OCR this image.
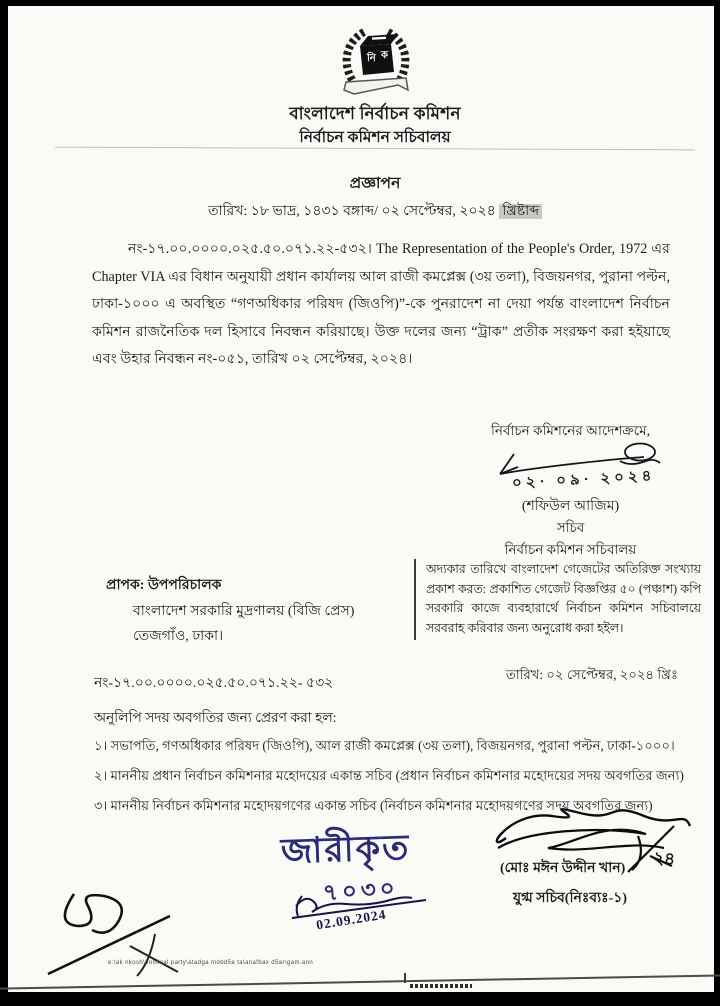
নি ক
বাংলাদেশ নির্বাচন কমিশন
নির্বাচন কমিশন সচিবালয়
প্রজ্ঞাপন
তারিখ: ১৮ ভাদ্র, ১৪৩১ বঙ্গাব্দ/ ০২ সেপ্টেম্বর, ২০২৪ খ্রিষ্টাব্দ
নং-১৭.০০.০০০০.০২৫.৫০.০৭১.২২-৫৩২। The Representation of the People's Order, 1972 এর Chapter VIA এর বিধান অনুযায়ী প্রধান কার্যালয় আল রাজী কমপ্লেক্স (৩য় তলা), বিজয়নগর, পুরানা পল্টন, ঢাকা-১০০০ এ অবস্থিত “গণঅধিকার পরিষদ (জিওপি)”-কে পুনরাদেশ না দেয়া পর্যন্ত বাংলাদেশ নির্বাচন কমিশন রাজনৈতিক দল হিসাবে নিবন্ধন করিয়াছে। উক্ত দলের জন্য “ট্রাক” প্রতীক সংরক্ষণ করা হইয়াছে এবং উহার নিবন্ধন নং-০৫১, তারিখ ০২ সেপ্টেম্বর, ২০২৪।
নির্বাচন কমিশনের আদেশক্রমে,
০২· ০৯· ২০২৪
(শফিউল আজিম)
সচিব
নির্বাচন কমিশন সচিবালয়
প্রাপক: উপপরিচালক
বাংলাদেশ সরকারি মুদ্রণালয় (বিজি প্রেস)
তেজগাঁও, ঢাকা।
অদ্যকার তারিখে বাংলাদেশ গেজেটের অতিরিক্ত সংখ্যায় প্রকাশ করত: প্রকাশিত গেজেট বিজ্ঞপ্তির ৫০ (পঞ্চাশ) কপি সরকারি কাজে ব্যবহারার্থে নির্বাচন কমিশন সচিবালয়ে সরবরাহ করিবার জন্য অনুরোধ করা হইল।
নং-১৭.০০.০০০০.০২৫.৫০.০৭১.২২- ৫৩২
তারিখ: ০২ সেপ্টেম্বর, ২০২৪ খ্রিঃ
অনুলিপি সদয় অবগতির জন্য প্রেরণ করা হল:
১। সভাপতি, গণঅধিকার পরিষদ (জিওপি), আল রাজী কমপ্লেক্স (৩য় তলা), বিজয়নগর, পুরানা পল্টন, ঢাকা-১০০০।
২। মাননীয় প্রধান নির্বাচন কমিশনার মহোদয়ের একান্ত সচিব (প্রধান নির্বাচন কমিশনার মহোদয়ের সদয় অবগতির জন্য)
৩। মাননীয় নির্বাচন কমিশনার মহোদয়গণের একান্ত সচিব (নির্বাচন কমিশনার মহোদয়গণের সদয় অবগতির জন্য)
জারীকৃত
৭০৩০
02.09.2024
২৪
(মোঃ মঈন উদ্দীন খান)
যুগ্ম সচিব(নিঃব্যঃ-১)
e:\ak nkosh\political party\atadga mobd5a ta\anafbax d5ar\gam.ann
